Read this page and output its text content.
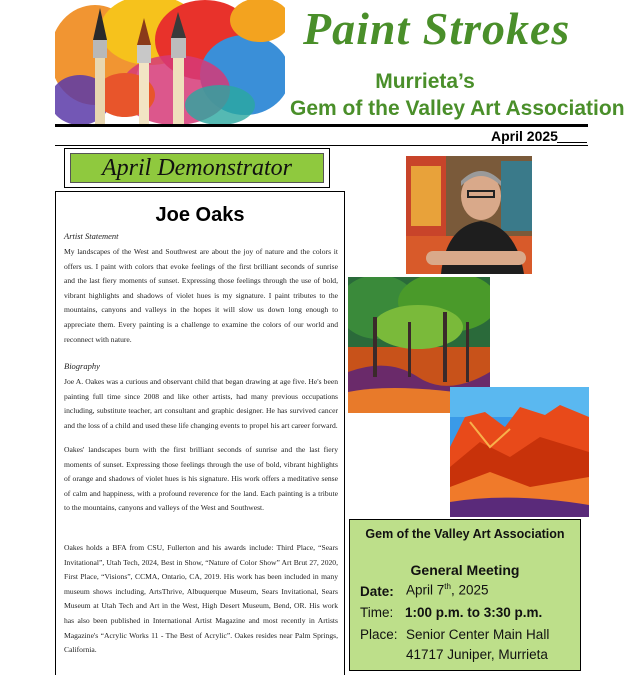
Paint Strokes
Murrieta’s
Gem of the Valley Art Association
April 2025
April Demonstrator
Joe Oaks
Artist Statement

My landscapes of the West and Southwest are about the joy of nature and the colors it offers us. I paint with colors that evoke feelings of the first brilliant seconds of sunrise and the last fiery moments of sunset. Expressing those feelings through the use of bold, vibrant highlights and shadows of violet hues is my signature. I paint tributes to the mountains, canyons and valleys in the hopes it will slow us down long enough to appreciate them. Every painting is a challenge to examine the colors of our world and reconnect with nature.

Biography

Joe A. Oakes was a curious and observant child that began drawing at age five. He's been painting full time since 2008 and like other artists, had many previous occupations including, substitute teacher, art consultant and graphic designer. He has survived cancer and the loss of a child and used these life changing events to propel his art career forward.

Oakes' landscapes burn with the first brilliant seconds of sunrise and the last fiery moments of sunset. Expressing those feelings through the use of bold, vibrant highlights of orange and shadows of violet hues is his signature. His work offers a meditative sense of calm and happiness, with a profound reverence for the land. Each painting is a tribute to the mountains, canyons and valleys of the West and Southwest.

Oakes holds a BFA from CSU, Fullerton and his awards include: Third Place, “Sears Invitational”, Utah Tech, 2024, Best in Show, “Nature of Color Show” Art Brut 27, 2020, First Place, “Visions”, CCMA, Ontario, CA, 2019. His work has been included in many museum shows including, ArtsThrive, Albuquerque Museum, Sears Invitational, Sears Museum at Utah Tech and Art in the West, High Desert Museum, Bend, OR. His work has also been published in International Artist Magazine and most recently in Artists Magazine's “Acrylic Works 11 - The Best of Acrylic”. Oakes resides near Palm Springs, California.

Gem of the Valley Art Association
General Meeting
Date: April 7th, 2025
Time: 1:00 p.m. to 3:30 p.m.
Place: Senior Center Main Hall
41717 Juniper, Murrieta
